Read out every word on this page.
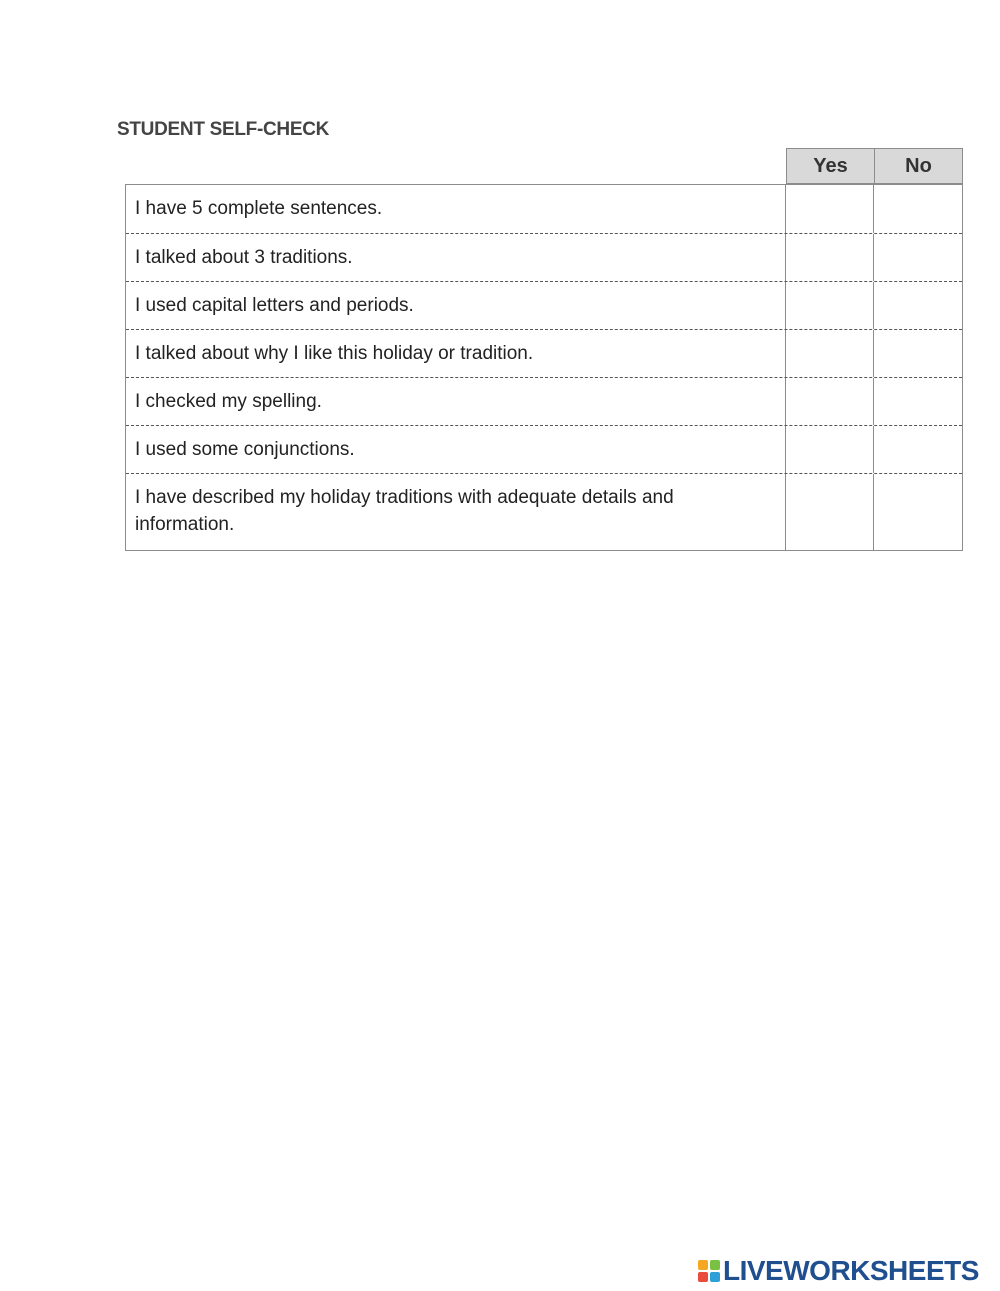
STUDENT SELF-CHECK
Yes	No
I have 5 complete sentences.
I talked about 3 traditions.
I used capital letters and periods.
I talked about why I like this holiday or tradition.
I checked my spelling.
I used some conjunctions.
I have described my holiday traditions with adequate details and information.
LIVEWORKSHEETS
